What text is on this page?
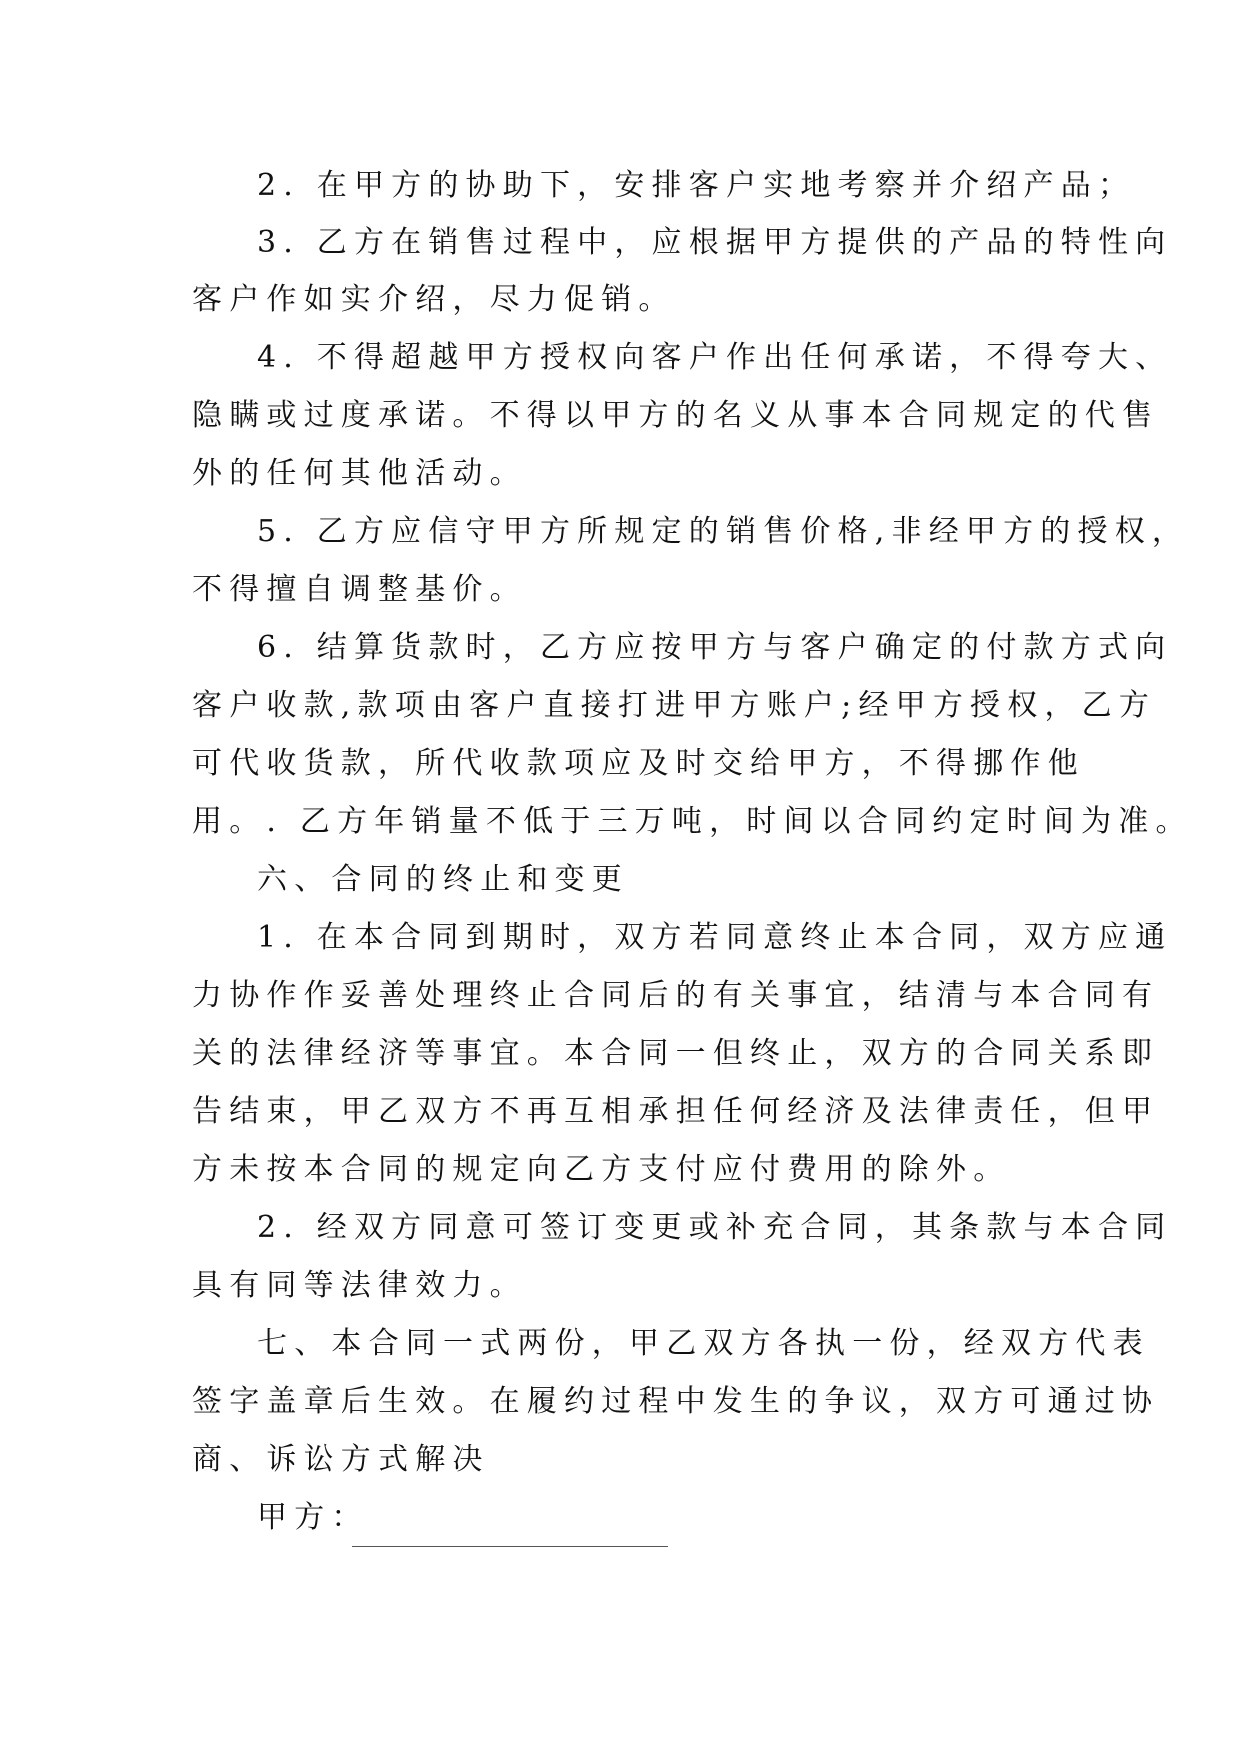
2. 在甲方的协助下，安排客户实地考察并介绍产品；
3. 乙方在销售过程中，应根据甲方提供的产品的特性向
客户作如实介绍，尽力促销。
4. 不得超越甲方授权向客户作出任何承诺，不得夸大、
隐瞒或过度承诺。不得以甲方的名义从事本合同规定的代售
外的任何其他活动。
5. 乙方应信守甲方所规定的销售价格,非经甲方的授权，
不得擅自调整基价。
6. 结算货款时，乙方应按甲方与客户确定的付款方式向
客户收款,款项由客户直接打进甲方账户;经甲方授权，乙方
可代收货款，所代收款项应及时交给甲方，不得挪作他
用。. 乙方年销量不低于三万吨，时间以合同约定时间为准。
六、合同的终止和变更
1. 在本合同到期时，双方若同意终止本合同，双方应通
力协作作妥善处理终止合同后的有关事宜，结清与本合同有
关的法律经济等事宜。本合同一但终止，双方的合同关系即
告结束，甲乙双方不再互相承担任何经济及法律责任，但甲
方未按本合同的规定向乙方支付应付费用的除外。
2. 经双方同意可签订变更或补充合同，其条款与本合同
具有同等法律效力。
七、本合同一式两份，甲乙双方各执一份，经双方代表
签字盖章后生效。在履约过程中发生的争议，双方可通过协
商、诉讼方式解决
甲方：
